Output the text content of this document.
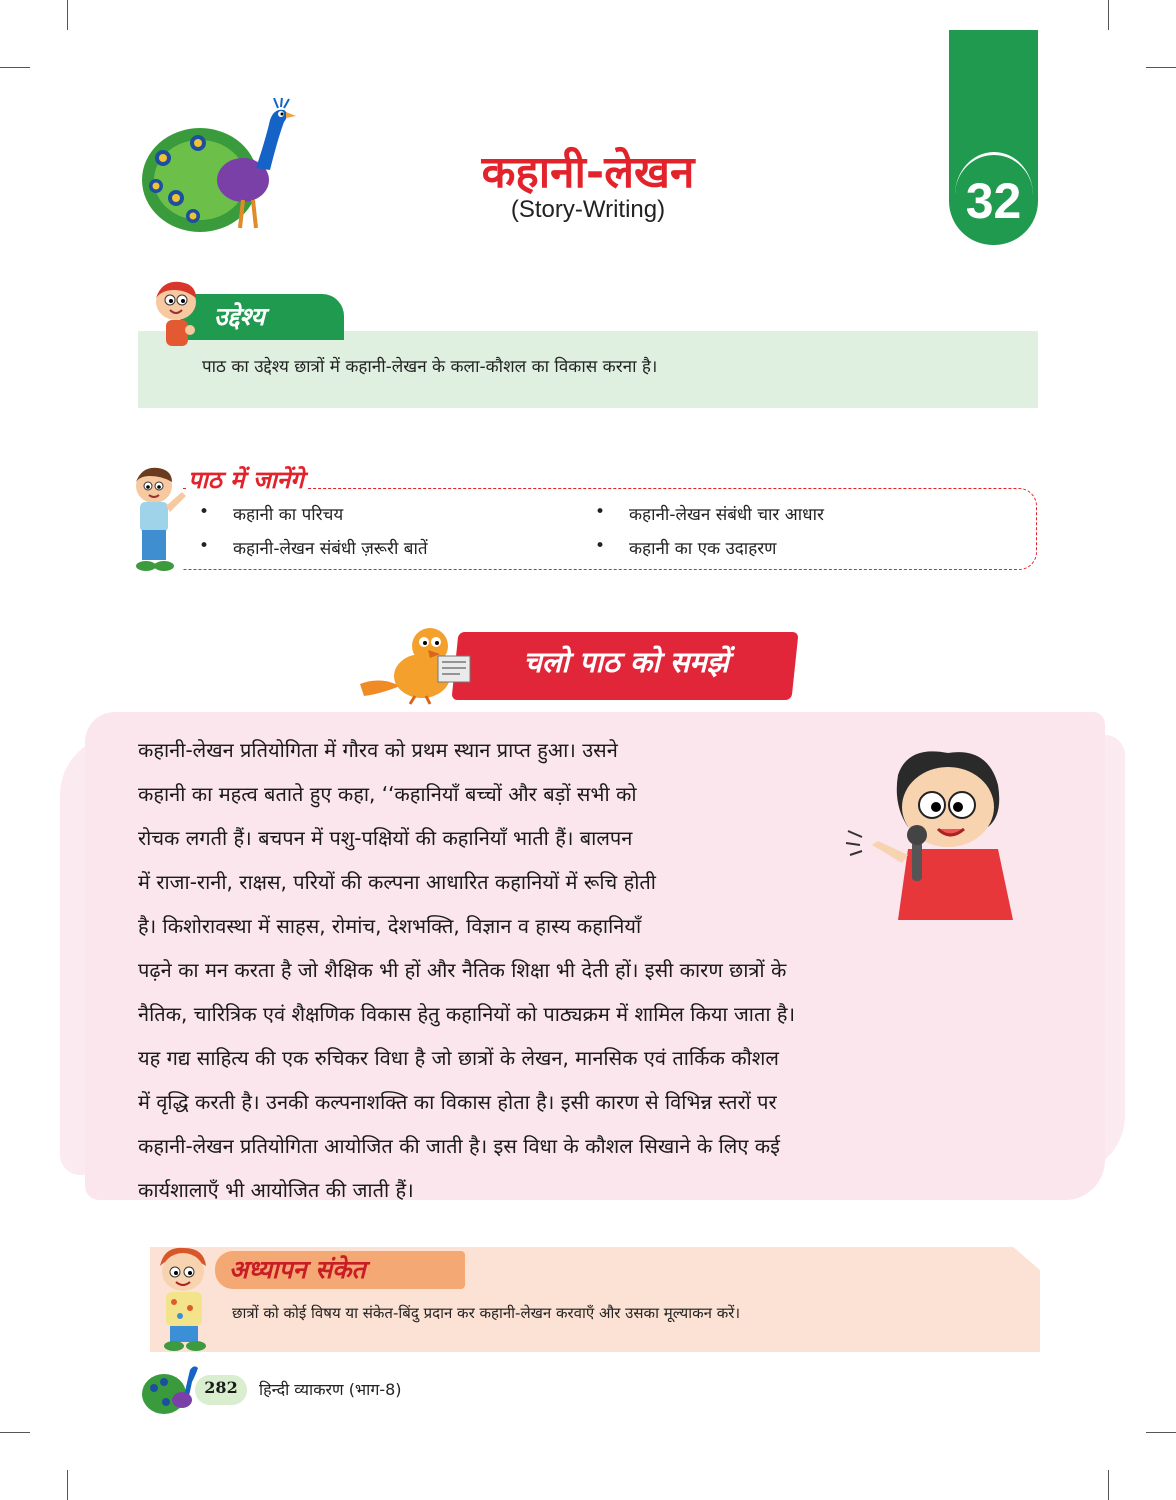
कहानी-लेखन
(Story-Writing)	32
उद्देश्य
पाठ का उद्देश्य छात्रों में कहानी-लेखन के कला-कौशल का विकास करना है।
पाठ में जानेंगे
• कहानी का परिचय
• कहानी-लेखन संबंधी ज़रूरी बातें
• कहानी-लेखन संबंधी चार आधार
• कहानी का एक उदाहरण
चलो पाठ को समझें
कहानी-लेखन प्रतियोगिता में गौरव को प्रथम स्थान प्राप्त हुआ। उसने
कहानी का महत्व बताते हुए कहा, ‘‘कहानियाँ बच्चों और बड़ों सभी को
रोचक लगती हैं। बचपन में पशु-पक्षियों की कहानियाँ भाती हैं। बालपन
में राजा-रानी, राक्षस, परियों की कल्पना आधारित कहानियों में रूचि होती
है। किशोरावस्था में साहस, रोमांच, देशभक्ति, विज्ञान व हास्य कहानियाँ
पढ़ने का मन करता है जो शैक्षिक भी हों और नैतिक शिक्षा भी देती हों। इसी कारण छात्रों के
नैतिक, चारित्रिक एवं शैक्षणिक विकास हेतु कहानियों को पाठ्यक्रम में शामिल किया जाता है।
यह गद्य साहित्य की एक रुचिकर विधा है जो छात्रों के लेखन, मानसिक एवं तार्किक कौशल
में वृद्धि करती है। उनकी कल्पनाशक्ति का विकास होता है। इसी कारण से विभिन्न स्तरों पर
कहानी-लेखन प्रतियोगिता आयोजित की जाती है। इस विधा के कौशल सिखाने के लिए कई
कार्यशालाएँ भी आयोजित की जाती हैं।
अध्यापन संकेत
छात्रों को कोई विषय या संकेत-बिंदु प्रदान कर कहानी-लेखन करवाएँ और उसका मूल्याकन करें।
282	हिन्दी व्याकरण (भाग-8)
